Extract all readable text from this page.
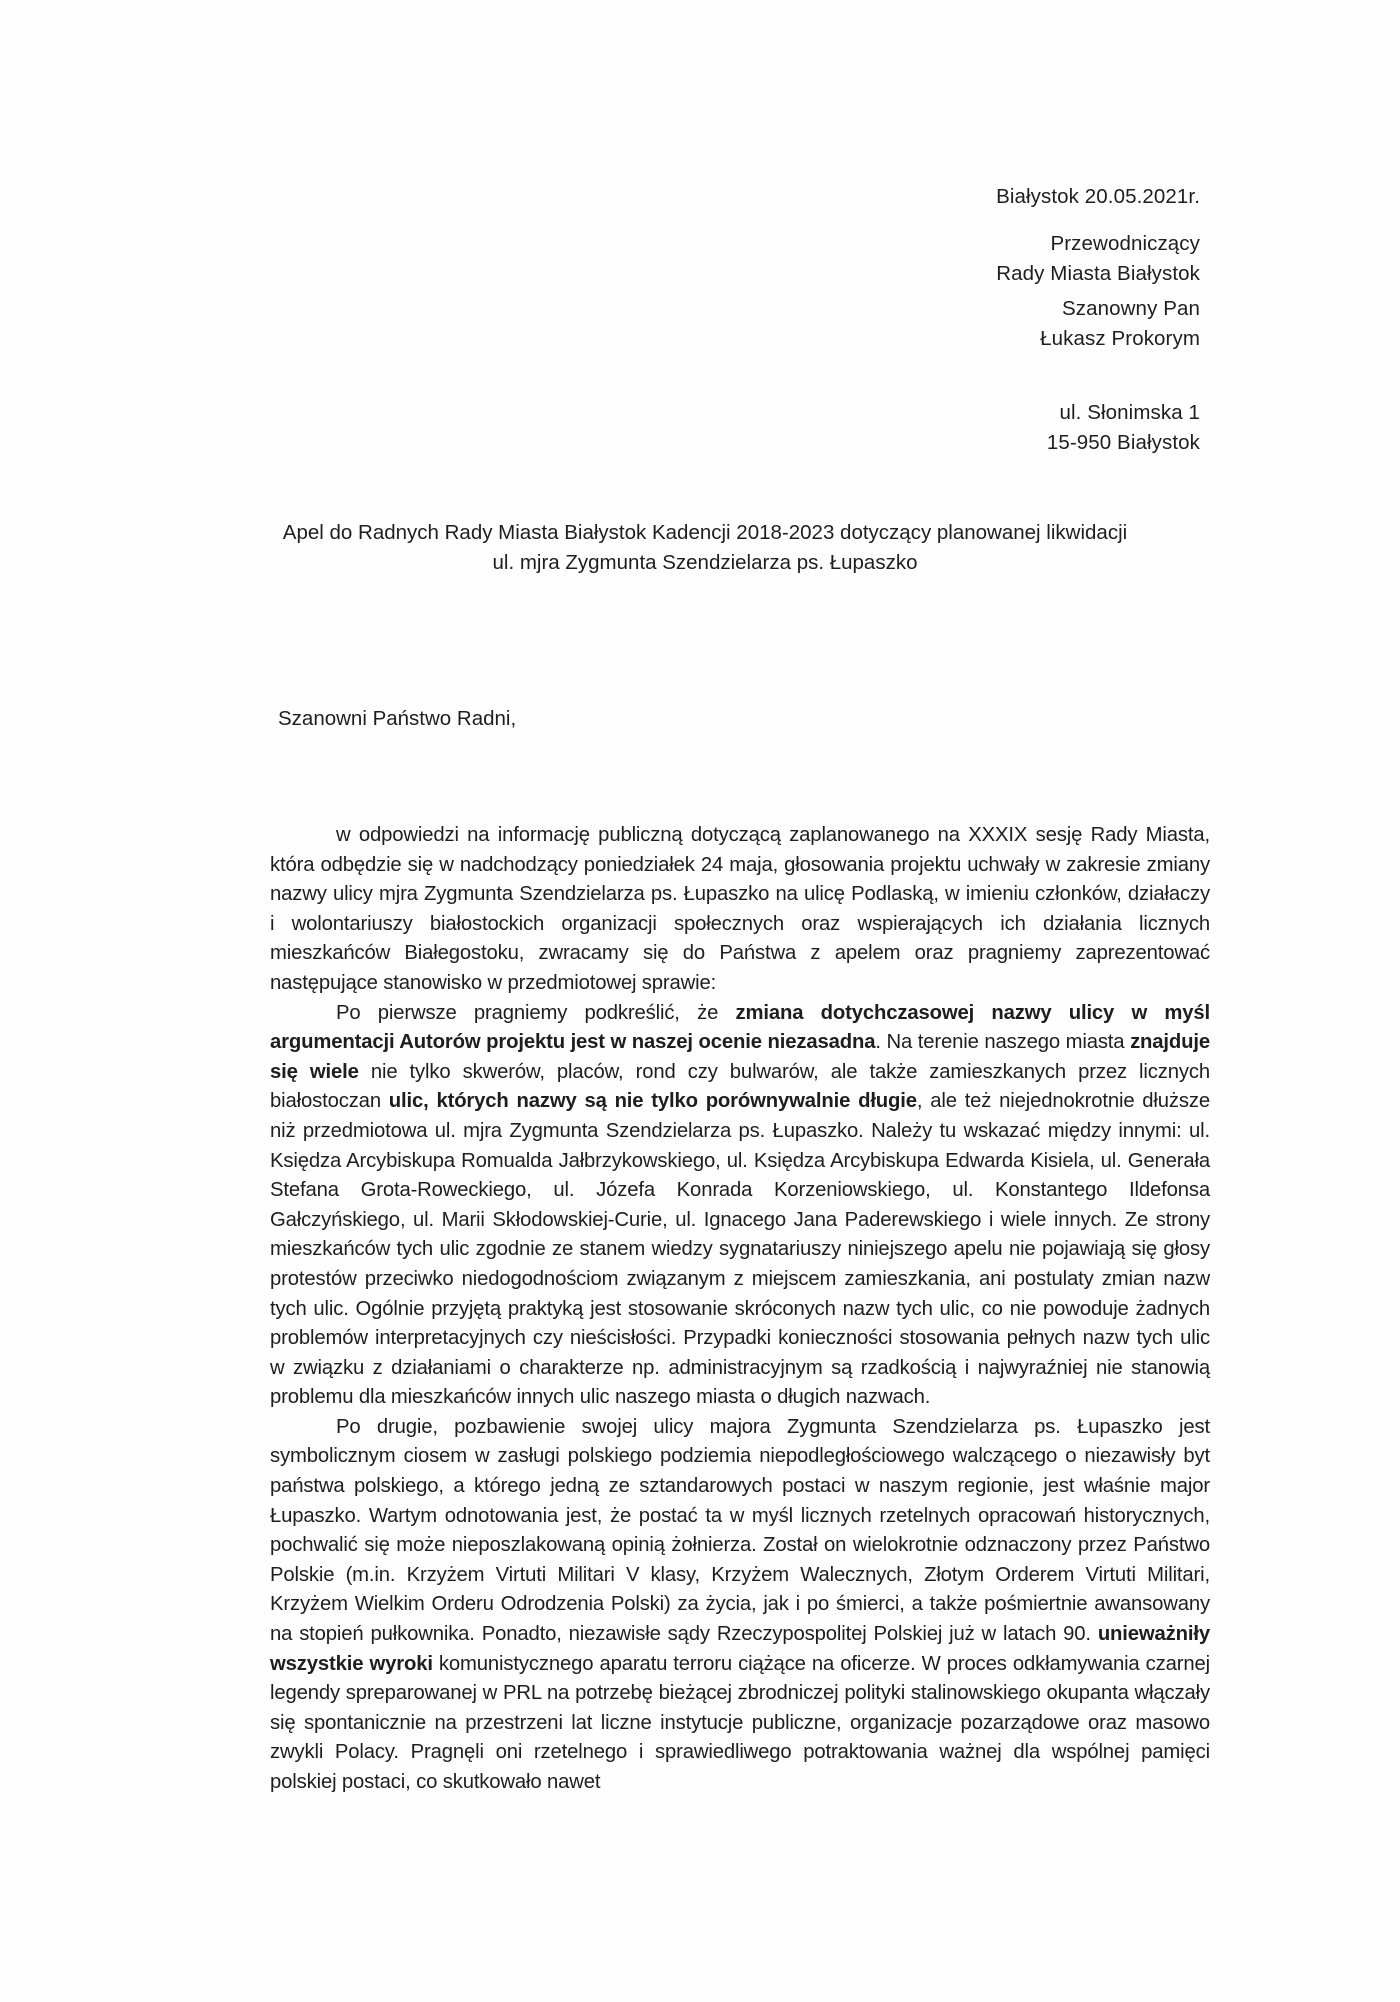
Białystok 20.05.2021r.
Przewodniczący
Rady Miasta Białystok
Szanowny Pan
Łukasz Prokorym
ul. Słonimska 1
15-950 Białystok
Apel do Radnych Rady Miasta Białystok Kadencji 2018-2023 dotyczący planowanej likwidacji
ul. mjra Zygmunta Szendzielarza ps. Łupaszko
Szanowni Państwo Radni,

w odpowiedzi na informację publiczną dotyczącą zaplanowanego na XXXIX sesję Rady Miasta, która odbędzie się w nadchodzący poniedziałek 24 maja, głosowania projektu uchwały w zakresie zmiany nazwy ulicy mjra Zygmunta Szendzielarza ps. Łupaszko na ulicę Podlaską, w imieniu członków, działaczy i wolontariuszy białostockich organizacji społecznych oraz wspierających ich działania licznych mieszkańców Białegostoku, zwracamy się do Państwa z apelem oraz pragniemy zaprezentować następujące stanowisko w przedmiotowej sprawie:

Po pierwsze pragniemy podkreślić, że zmiana dotychczasowej nazwy ulicy w myśl argumentacji Autorów projektu jest w naszej ocenie niezasadna. Na terenie naszego miasta znajduje się wiele nie tylko skwerów, placów, rond czy bulwarów, ale także zamieszkanych przez licznych białostoczan ulic, których nazwy są nie tylko porównywalnie długie, ale też niejednokrotnie dłuższe niż przedmiotowa ul. mjra Zygmunta Szendzielarza ps. Łupaszko. Należy tu wskazać między innymi: ul. Księdza Arcybiskupa Romualda Jałbrzykowskiego, ul. Księdza Arcybiskupa Edwarda Kisiela, ul. Generała Stefana Grota-Roweckiego, ul. Józefa Konrada Korzeniowskiego, ul. Konstantego Ildefonsa Gałczyńskiego, ul. Marii Skłodowskiej-Curie, ul. Ignacego Jana Paderewskiego i wiele innych. Ze strony mieszkańców tych ulic zgodnie ze stanem wiedzy sygnatariuszy niniejszego apelu nie pojawiają się głosy protestów przeciwko niedogodnościom związanym z miejscem zamieszkania, ani postulaty zmian nazw tych ulic. Ogólnie przyjętą praktyką jest stosowanie skróconych nazw tych ulic, co nie powoduje żadnych problemów interpretacyjnych czy nieścisłości. Przypadki konieczności stosowania pełnych nazw tych ulic w związku z działaniami o charakterze np. administracyjnym są rzadkością i najwyraźniej nie stanowią problemu dla mieszkańców innych ulic naszego miasta o długich nazwach.

Po drugie, pozbawienie swojej ulicy majora Zygmunta Szendzielarza ps. Łupaszko jest symbolicznym ciosem w zasługi polskiego podziemia niepodległościowego walczącego o niezawisły byt państwa polskiego, a którego jedną ze sztandarowych postaci w naszym regionie, jest właśnie major Łupaszko. Wartym odnotowania jest, że postać ta w myśl licznych rzetelnych opracowań historycznych, pochwalić się może nieposzlakowaną opinią żołnierza. Został on wielokrotnie odznaczony przez Państwo Polskie (m.in. Krzyżem Virtuti Militari V klasy, Krzyżem Walecznych, Złotym Orderem Virtuti Militari, Krzyżem Wielkim Orderu Odrodzenia Polski) za życia, jak i po śmierci, a także pośmiertnie awansowany na stopień pułkownika. Ponadto, niezawisłe sądy Rzeczypospolitej Polskiej już w latach 90. unieważniły wszystkie wyroki komunistycznego aparatu terroru ciążące na oficerze. W proces odkłamywania czarnej legendy spreparowanej w PRL na potrzebę bieżącej zbrodniczej polityki stalinowskiego okupanta włączały się spontanicznie na przestrzeni lat liczne instytucje publiczne, organizacje pozarządowe oraz masowo zwykli Polacy. Pragnęli oni rzetelnego i sprawiedliwego potraktowania ważnej dla wspólnej pamięci polskiej postaci, co skutkowało nawet
